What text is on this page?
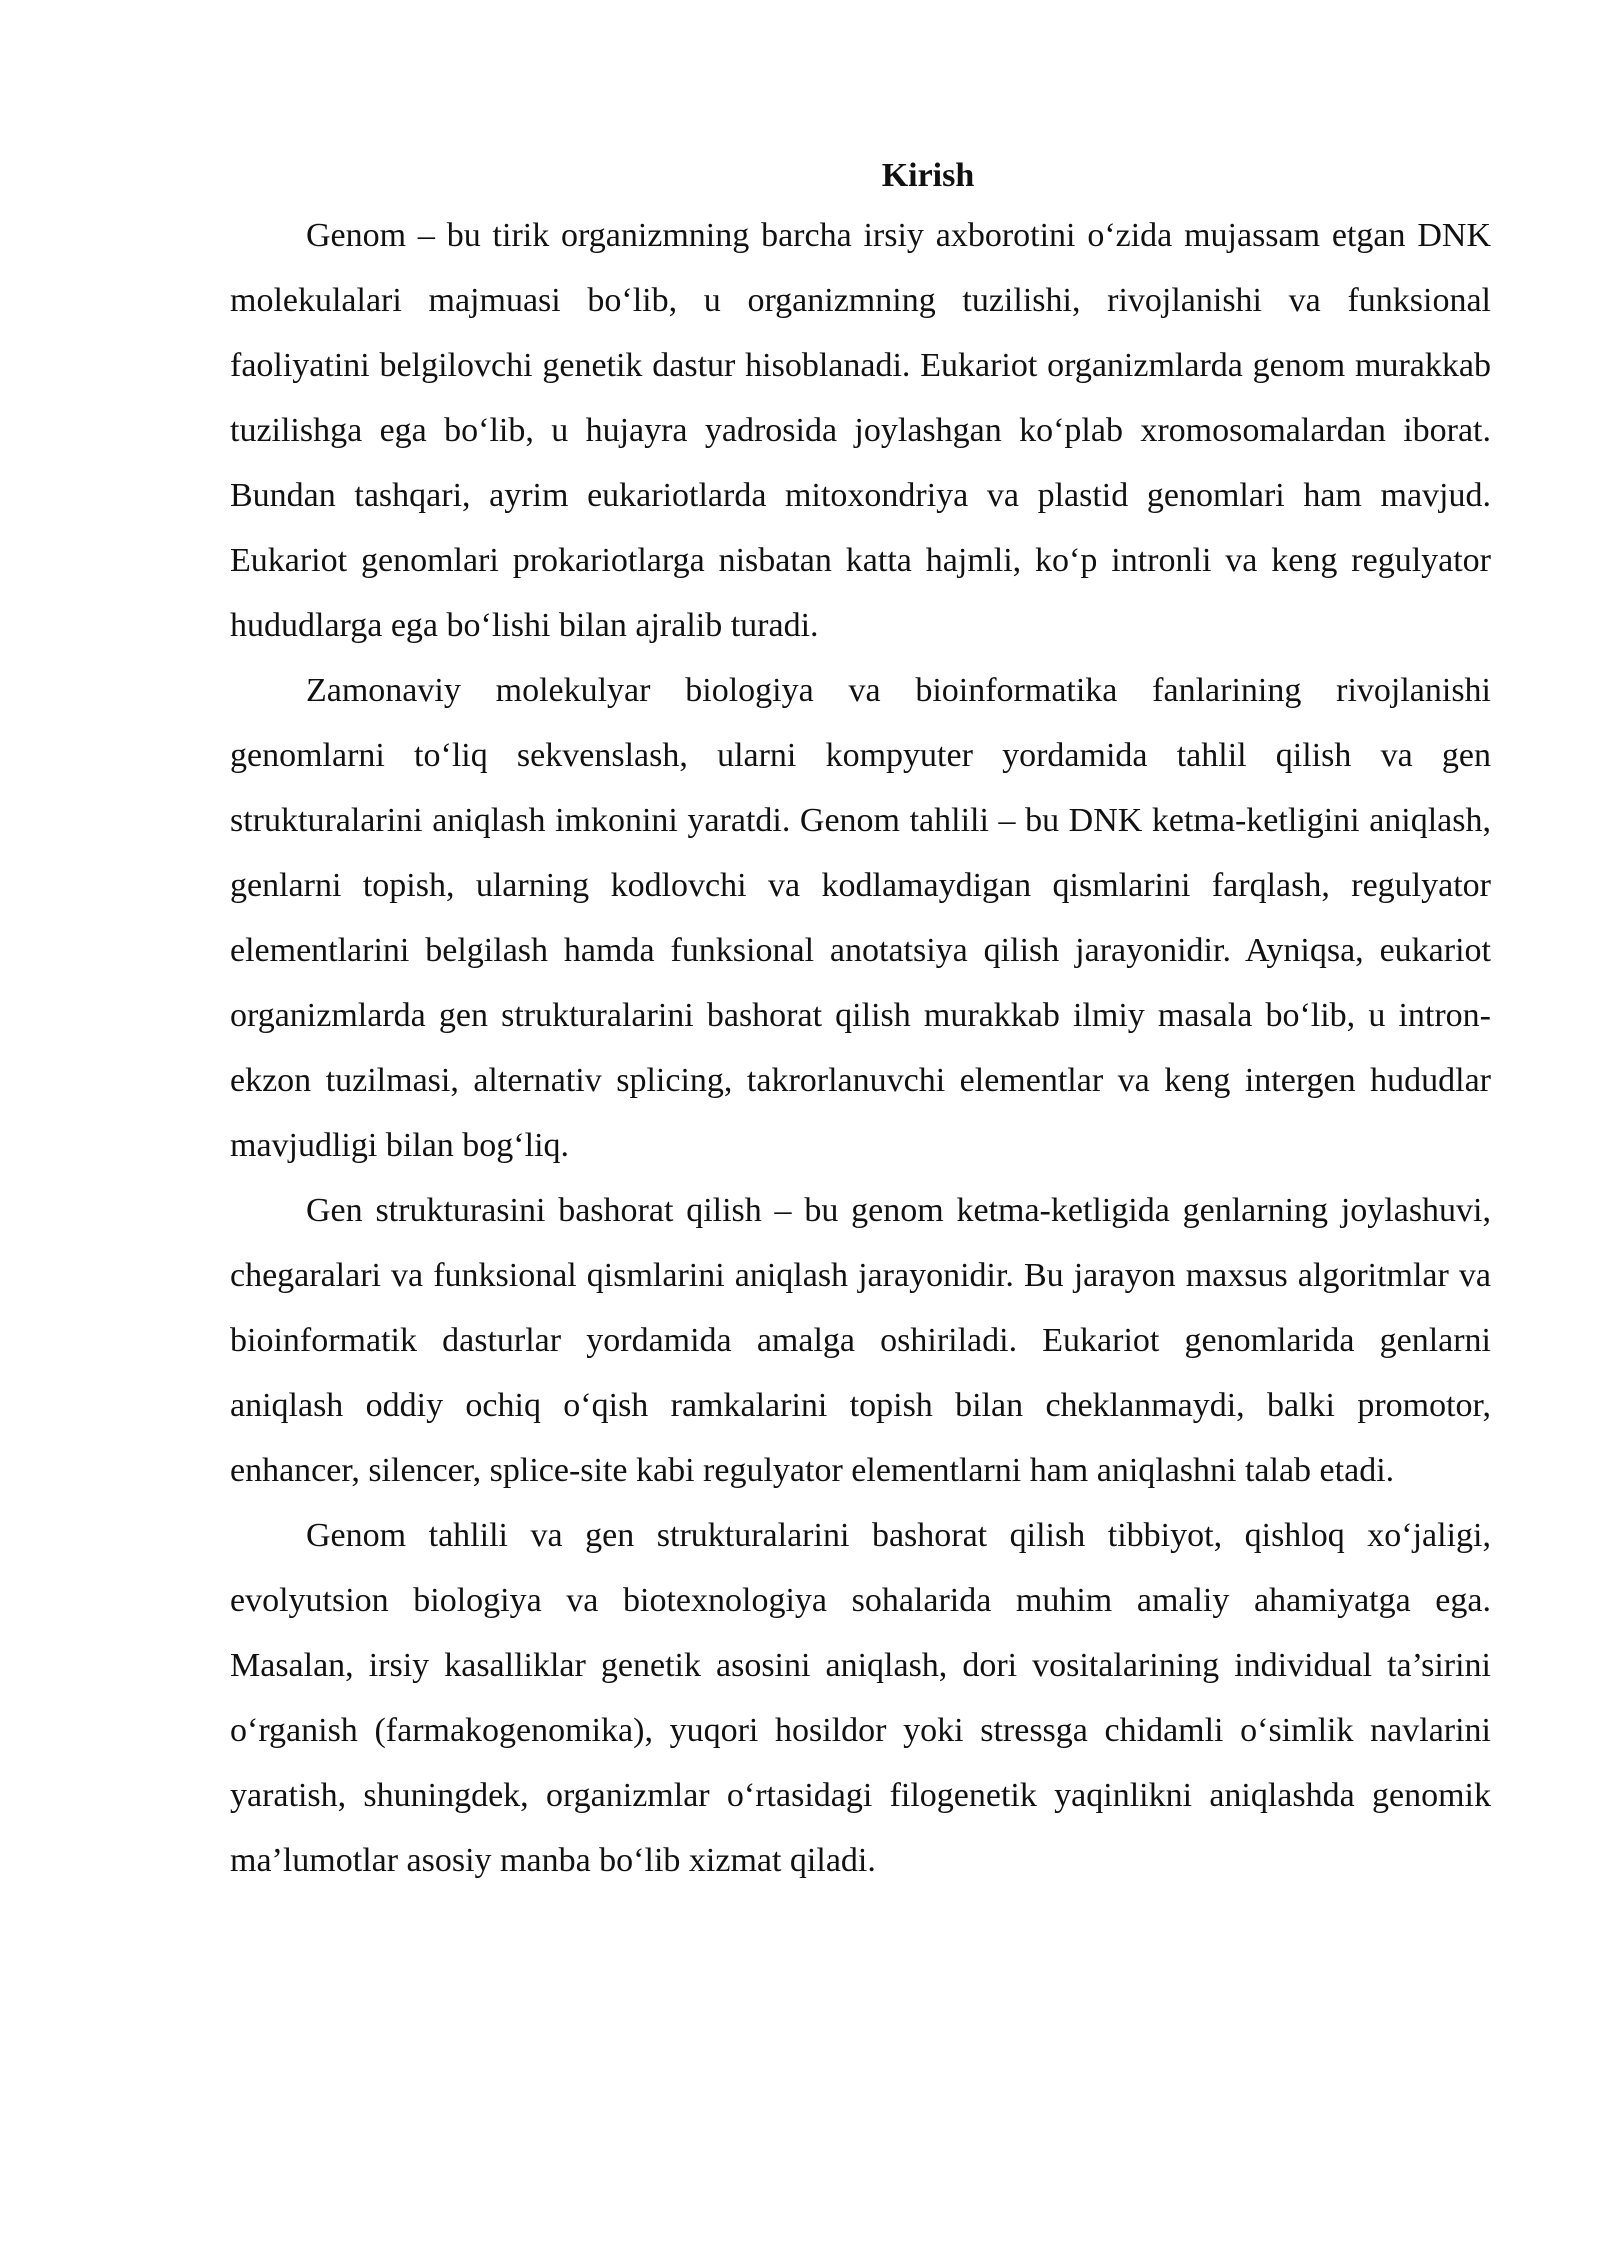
Kirish

Genom – bu tirik organizmning barcha irsiy axborotini o‘zida mujassam etgan DNK molekulalari majmuasi bo‘lib, u organizmning tuzilishi, rivojlanishi va funksional faoliyatini belgilovchi genetik dastur hisoblanadi. Eukariot organizmlarda genom murakkab tuzilishga ega bo‘lib, u hujayra yadrosida joylashgan ko‘plab xromosomalardan iborat. Bundan tashqari, ayrim eukariotlarda mitoxondriya va plastid genomlari ham mavjud. Eukariot genomlari prokariotlarga nisbatan katta hajmli, ko‘p intronli va keng regulyator hududlarga ega bo‘lishi bilan ajralib turadi.

Zamonaviy molekulyar biologiya va bioinformatika fanlarining rivojlanishi genomlarni to‘liq sekvenslash, ularni kompyuter yordamida tahlil qilish va gen strukturalarini aniqlash imkonini yaratdi. Genom tahlili – bu DNK ketma-ketligini aniqlash, genlarni topish, ularning kodlovchi va kodlamaydigan qismlarini farqlash, regulyator elementlarini belgilash hamda funksional anotatsiya qilish jarayonidir. Ayniqsa, eukariot organizmlarda gen strukturalarini bashorat qilish murakkab ilmiy masala bo‘lib, u intron-ekzon tuzilmasi, alternativ splicing, takrorlanuvchi elementlar va keng intergen hududlar mavjudligi bilan bog‘liq.

Gen strukturasini bashorat qilish – bu genom ketma-ketligida genlarning joylashuvi, chegaralari va funksional qismlarini aniqlash jarayonidir. Bu jarayon maxsus algoritmlar va bioinformatik dasturlar yordamida amalga oshiriladi. Eukariot genomlarida genlarni aniqlash oddiy ochiq o‘qish ramkalarini topish bilan cheklanmaydi, balki promotor, enhancer, silencer, splice-site kabi regulyator elementlarni ham aniqlashni talab etadi.

Genom tahlili va gen strukturalarini bashorat qilish tibbiyot, qishloq xo‘jaligi, evolyutsion biologiya va biotexnologiya sohalarida muhim amaliy ahamiyatga ega. Masalan, irsiy kasalliklar genetik asosini aniqlash, dori vositalarining individual ta’sirini o‘rganish (farmakogenomika), yuqori hosildor yoki stressga chidamli o‘simlik navlarini yaratish, shuningdek, organizmlar o‘rtasidagi filogenetik yaqinlikni aniqlashda genomik ma’lumotlar asosiy manba bo‘lib xizmat qiladi.
